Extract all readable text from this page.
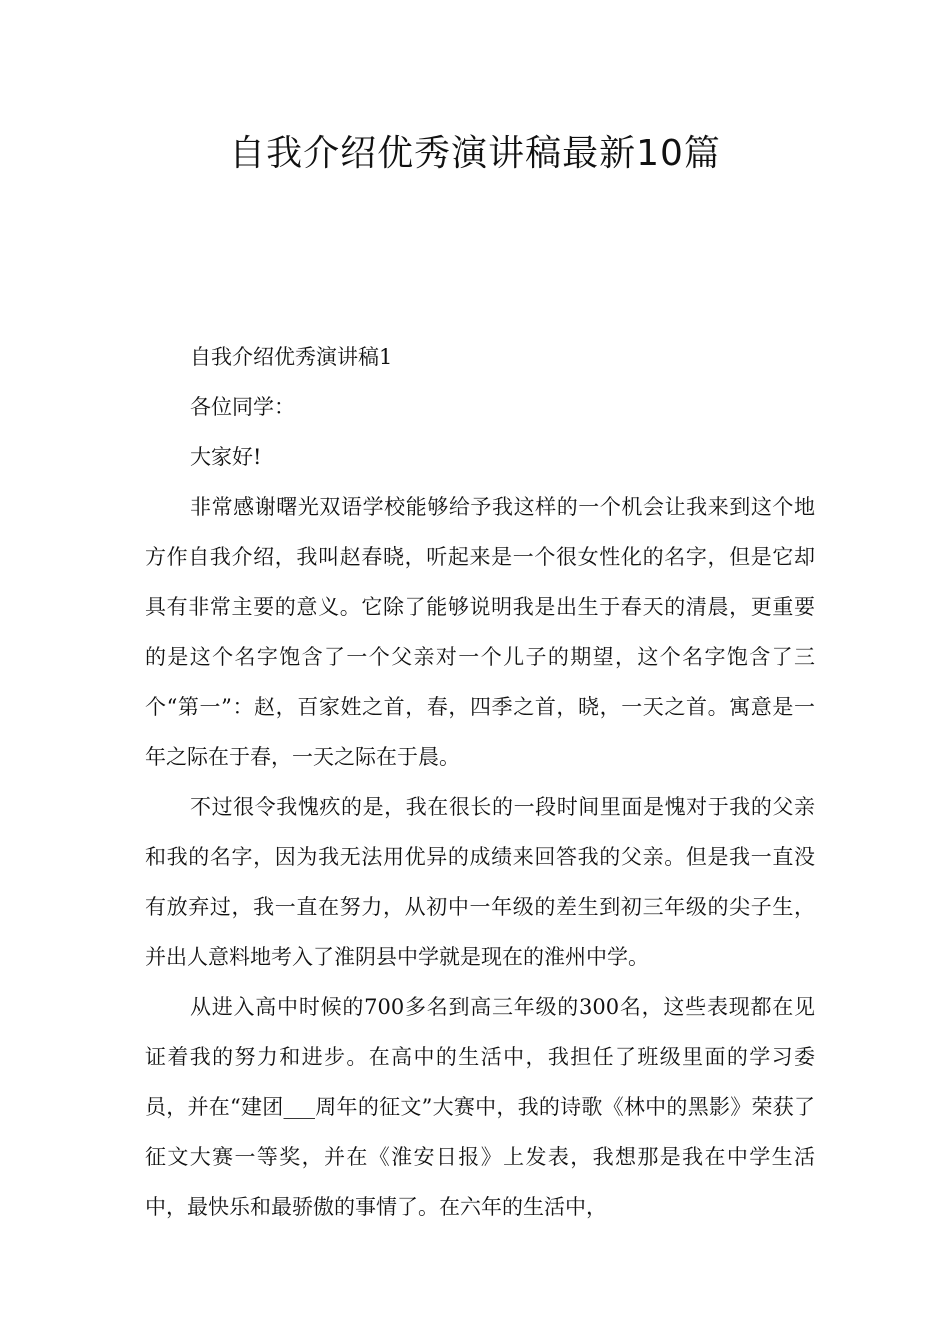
自我介绍优秀演讲稿最新10篇

自我介绍优秀演讲稿1

各位同学：

大家好!

非常感谢曙光双语学校能够给予我这样的一个机会让我来到这个地方作自我介绍，我叫赵春晓，听起来是一个很女性化的名字，但是它却具有非常主要的意义。它除了能够说明我是出生于春天的清晨，更重要的是这个名字饱含了一个父亲对一个儿子的期望，这个名字饱含了三个“第一”：赵，百家姓之首，春，四季之首，晓，一天之首。寓意是一年之际在于春，一天之际在于晨。

不过很令我愧疚的是，我在很长的一段时间里面是愧对于我的父亲和我的名字，因为我无法用优异的成绩来回答我的父亲。但是我一直没有放弃过，我一直在努力，从初中一年级的差生到初三年级的尖子生，并出人意料地考入了淮阴县中学就是现在的淮州中学。

从进入高中时候的700多名到高三年级的300名，这些表现都在见证着我的努力和进步。在高中的生活中，我担任了班级里面的学习委员，并在“建团___周年的征文”大赛中，我的诗歌《林中的黑影》荣获了征文大赛一等奖，并在《淮安日报》上发表，我想那是我在中学生活中，最快乐和最骄傲的事情了。在六年的生活中，
